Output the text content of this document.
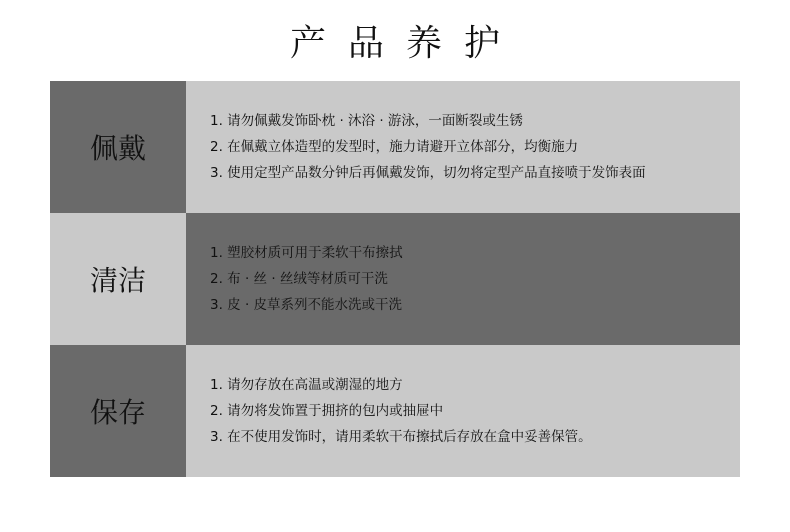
产品养护
佩戴
1. 请勿佩戴发饰卧枕 · 沐浴 · 游泳，一面断裂或生锈
2. 在佩戴立体造型的发型时，施力请避开立体部分，均衡施力
3. 使用定型产品数分钟后再佩戴发饰，切勿将定型产品直接喷于发饰表面
清洁
1. 塑胶材质可用于柔软干布擦拭
2. 布 · 丝 · 丝绒等材质可干洗
3. 皮 · 皮草系列不能水洗或干洗
保存
1. 请勿存放在高温或潮湿的地方
2. 请勿将发饰置于拥挤的包内或抽屉中
3. 在不使用发饰时，请用柔软干布擦拭后存放在盒中妥善保管。
